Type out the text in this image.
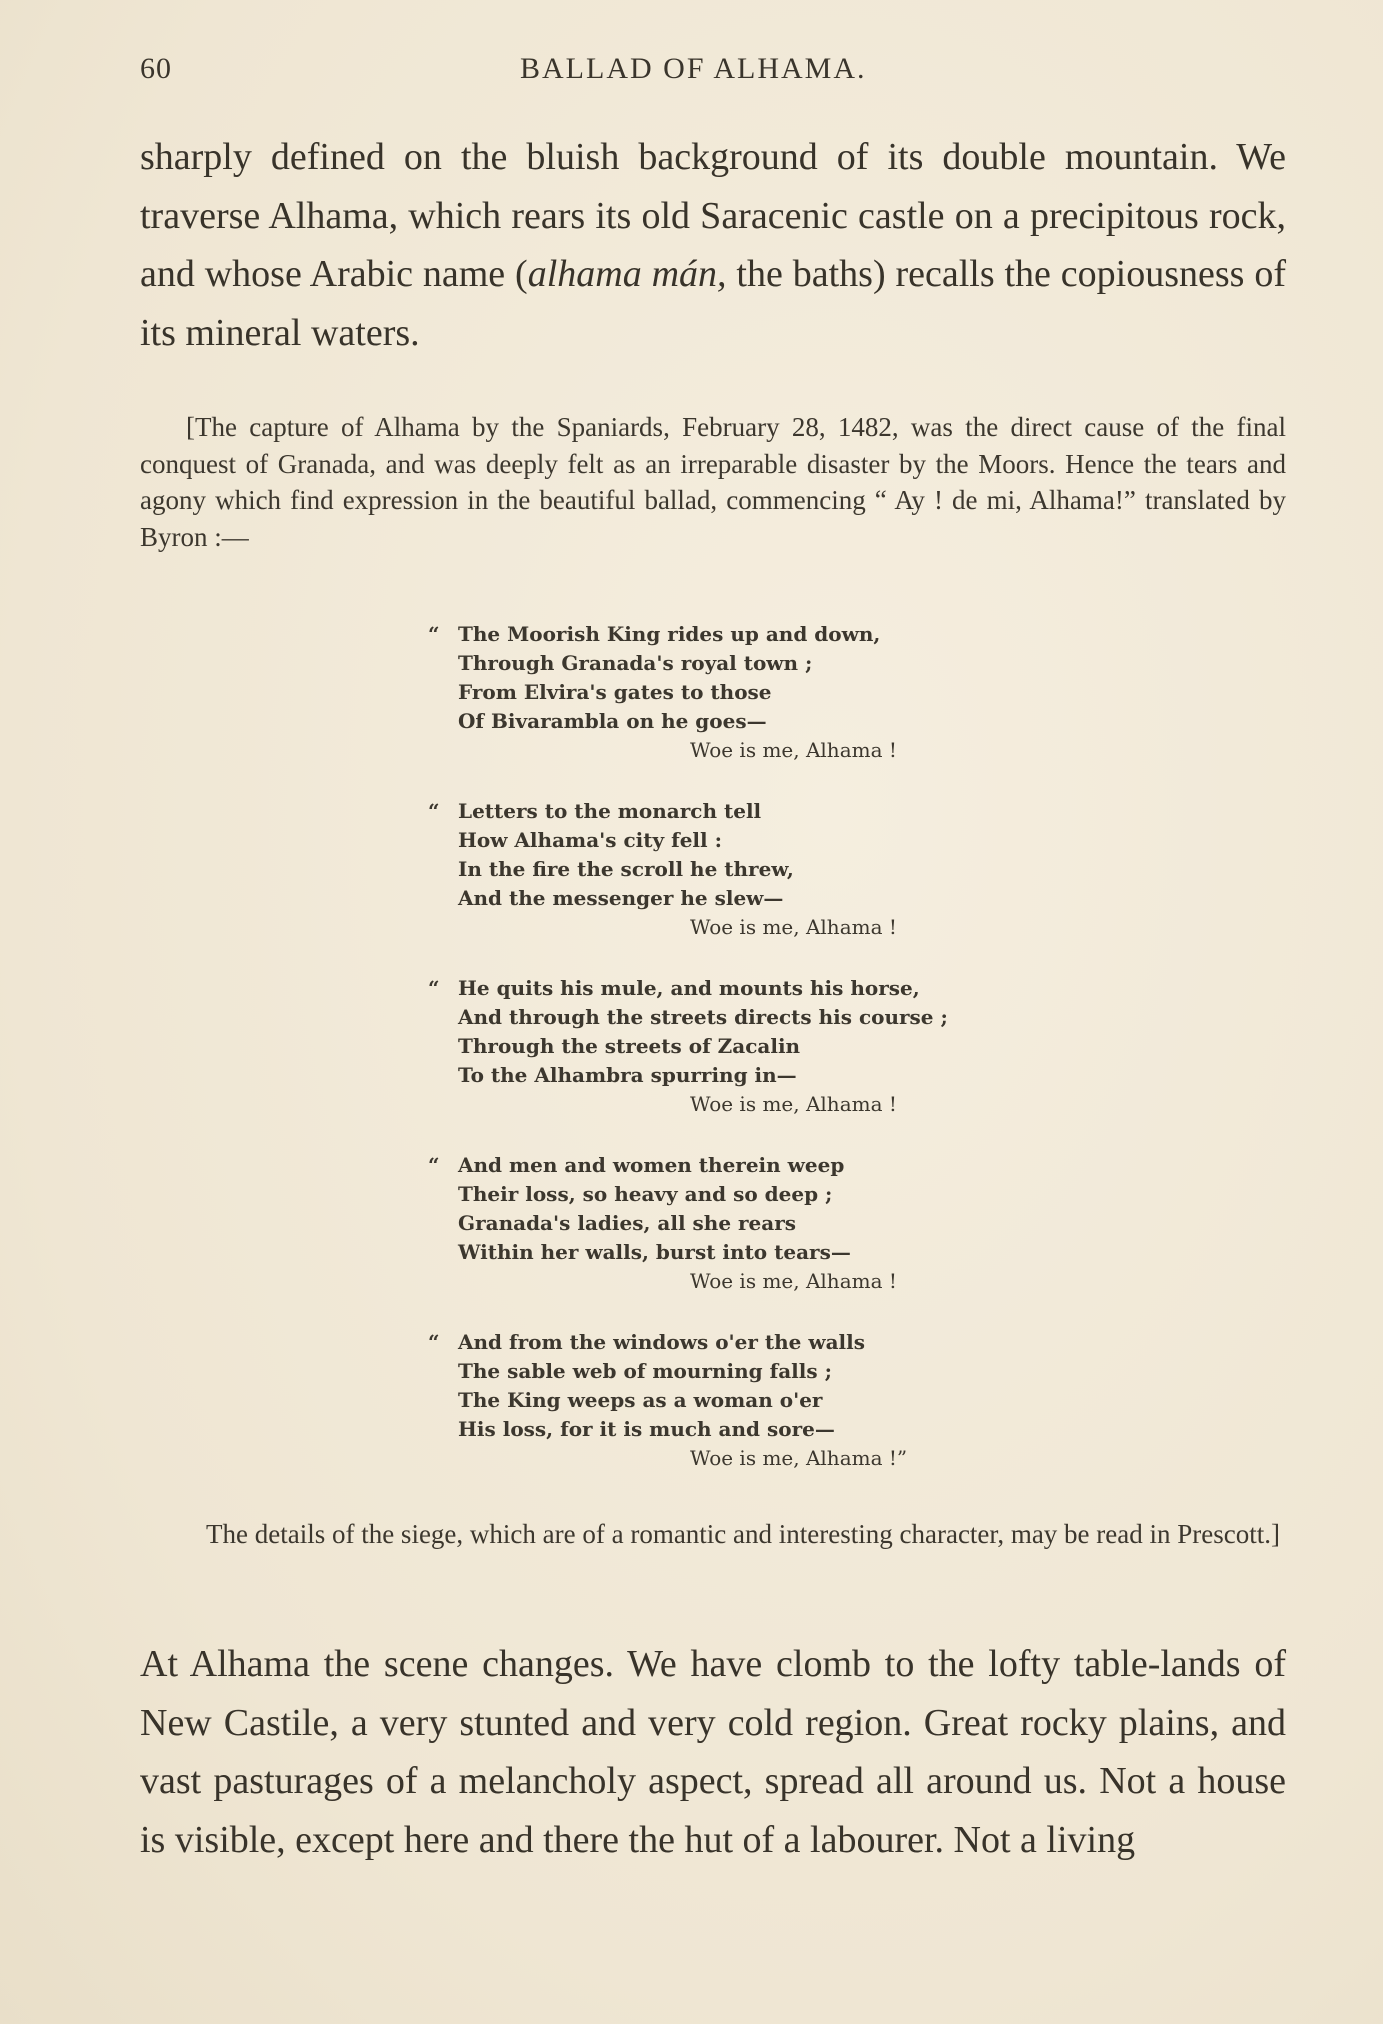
60	BALLAD OF ALHAMA.

sharply defined on the bluish background of its double mountain. We traverse Alhama, which rears its old Saracenic castle on a precipitous rock, and whose Arabic name (alhama mán, the baths) recalls the copiousness of its mineral waters.

[The capture of Alhama by the Spaniards, February 28, 1482, was the direct cause of the final conquest of Granada, and was deeply felt as an irreparable disaster by the Moors. Hence the tears and agony which find expression in the beautiful ballad, commencing “ Ay ! de mi, Alhama!” translated by Byron :—
“ The Moorish King rides up and down,
Through Granada's royal town ;
From Elvira's gates to those
Of Bivarambla on he goes—
Woe is me, Alhama !
“ Letters to the monarch tell
How Alhama's city fell :
In the fire the scroll he threw,
And the messenger he slew—
Woe is me, Alhama !
“ He quits his mule, and mounts his horse,
And through the streets directs his course ;
Through the streets of Zacalin
To the Alhambra spurring in—
Woe is me, Alhama !
“ And men and women therein weep
Their loss, so heavy and so deep ;
Granada's ladies, all she rears
Within her walls, burst into tears—
Woe is me, Alhama !
“ And from the windows o'er the walls
The sable web of mourning falls ;
The King weeps as a woman o'er
His loss, for it is much and sore—
Woe is me, Alhama !”
The details of the siege, which are of a romantic and interesting character, may be read in Prescott.]

At Alhama the scene changes. We have clomb to the lofty table-lands of New Castile, a very stunted and very cold region. Great rocky plains, and vast pasturages of a melancholy aspect, spread all around us. Not a house is visible, except here and there the hut of a labourer. Not a living
